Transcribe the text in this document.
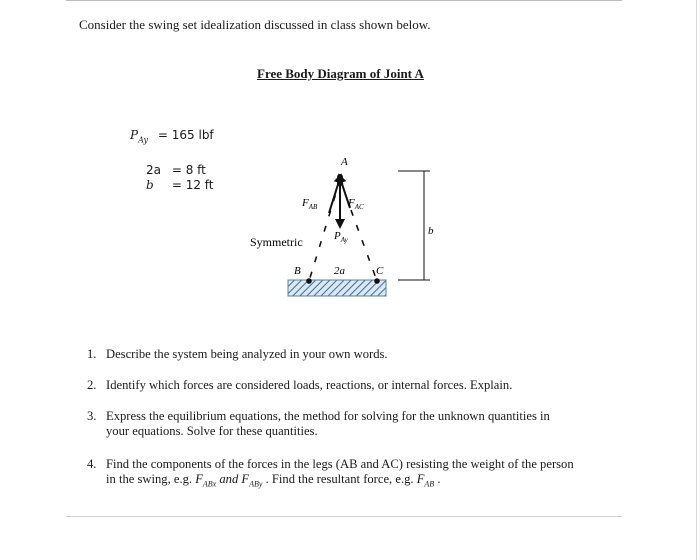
Consider the swing set idealization discussed in class shown below.
Free Body Diagram of Joint A
$P_{Ay} = 165$ lbf
2a = 8 ft
b = 12 ft
A
$F_{AB}$	$F_{AC}$
$P_{Ay}$
Symmetric
B	2a	C
b
1. Describe the system being analyzed in your own words.
2. Identify which forces are considered loads, reactions, or internal forces. Explain.
3. Express the equilibrium equations, the method for solving for the unknown quantities in
your equations. Solve for these quantities.
4. Find the components of the forces in the legs (AB and AC) resisting the weight of the person
in the swing, e.g. $F_{ABx}$ and $F_{ABy}$ . Find the resultant force, e.g. $F_{AB}$ .
